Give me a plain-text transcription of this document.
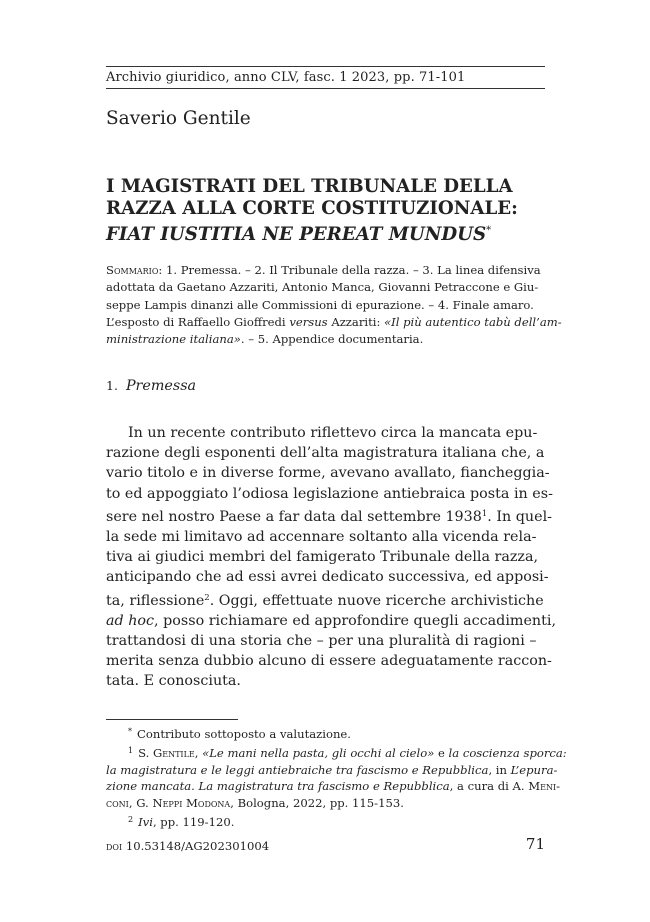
Archivio giuridico, anno CLV, fasc. 1 2023, pp. 71-101
Saverio Gentile
I MAGISTRATI DEL TRIBUNALE DELLA
RAZZA ALLA CORTE COSTITUZIONALE:
FIAT IUSTITIA NE PEREAT MUNDUS*
Sommario: 1. Premessa. – 2. Il Tribunale della razza. – 3. La linea difensiva
adottata da Gaetano Azzariti, Antonio Manca, Giovanni Petraccone e Giu-
seppe Lampis dinanzi alle Commissioni di epurazione. – 4. Finale amaro.
L’esposto di Raffaello Gioffredi versus Azzariti: «Il più autentico tabù dell’am-
ministrazione italiana». – 5. Appendice documentaria.
1. Premessa
In un recente contributo riflettevo circa la mancata epu-
razione degli esponenti dell’alta magistratura italiana che, a
vario titolo e in diverse forme, avevano avallato, fiancheggia-
to ed appoggiato l’odiosa legislazione antiebraica posta in es-
sere nel nostro Paese a far data dal settembre 1938$^1$. In quel-
la sede mi limitavo ad accennare soltanto alla vicenda rela-
tiva ai giudici membri del famigerato Tribunale della razza,
anticipando che ad essi avrei dedicato successiva, ed apposi-
ta, riflessione$^2$. Oggi, effettuate nuove ricerche archivistiche
ad hoc, posso richiamare ed approfondire quegli accadimenti,
trattandosi di una storia che – per una pluralità di ragioni –
merita senza dubbio alcuno di essere adeguatamente raccon-
tata. E conosciuta.
* Contributo sottoposto a valutazione.
$^1$ S. Gentile, «Le mani nella pasta, gli occhi al cielo» e la coscienza sporca:
la magistratura e le leggi antiebraiche tra fascismo e Repubblica, in L’epura-
zione mancata. La magistratura tra fascismo e Repubblica, a cura di A. Meni-
coni, G. Neppi Modona, Bologna, 2022, pp. 115-153.
$^2$ Ivi, pp. 119-120.
doi 10.53148/AG202301004	71
